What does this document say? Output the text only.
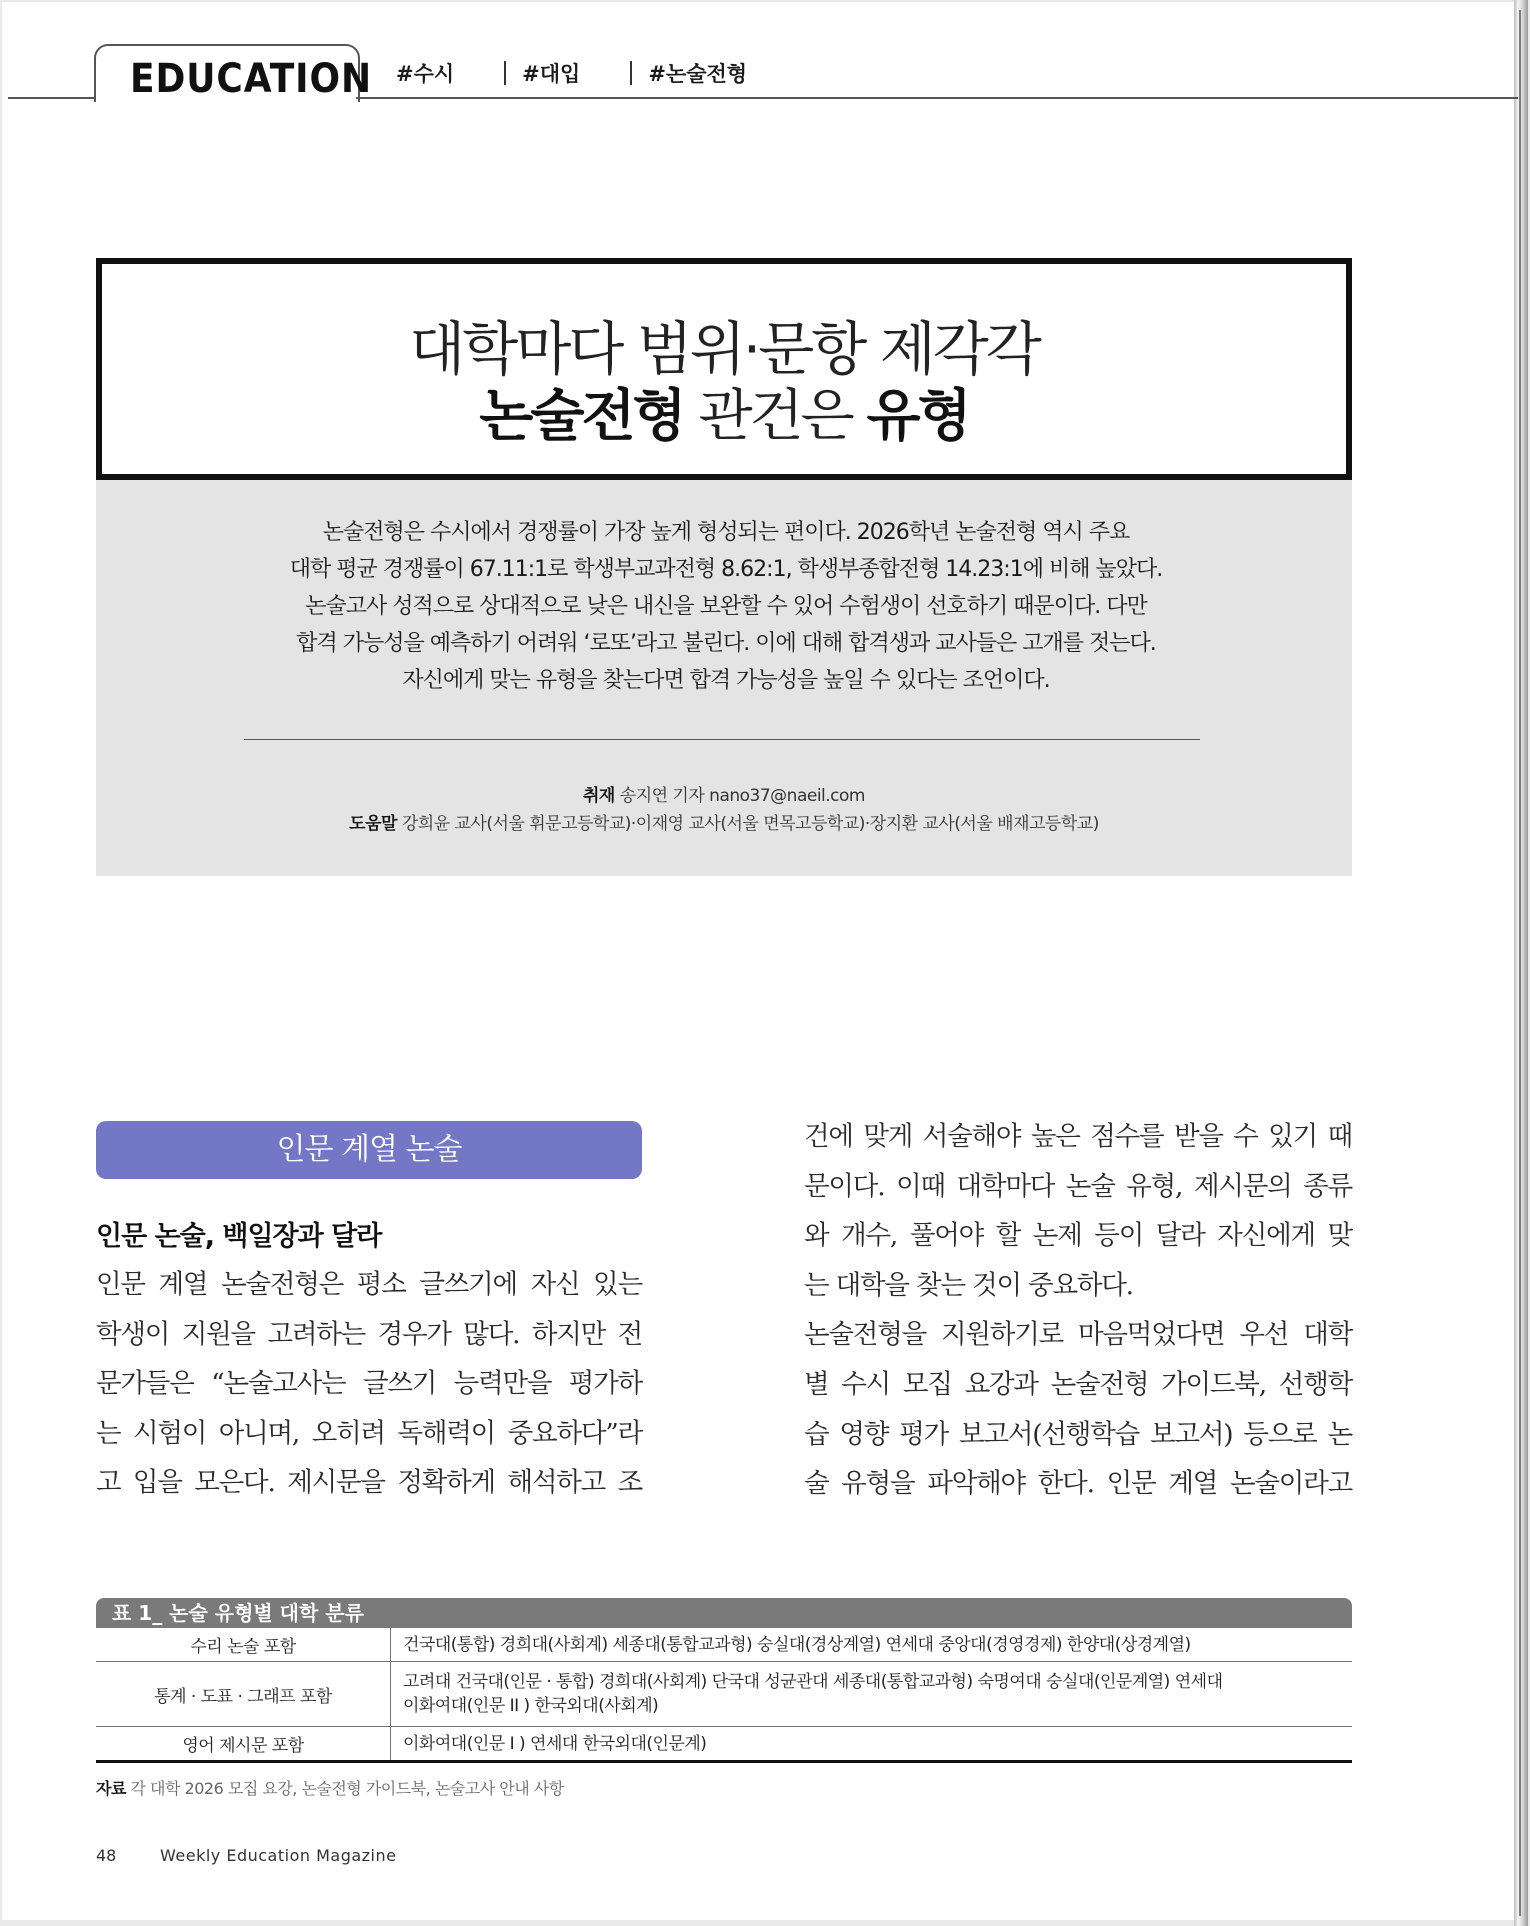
EDUCATION #수시	#대입	#논술전형
대학마다 범위·문항 제각각
논술전형 관건은 유형
논술전형은 수시에서 경쟁률이 가장 높게 형성되는 편이다. 2026학년 논술전형 역시 주요
대학 평균 경쟁률이 67.11:1로 학생부교과전형 8.62:1, 학생부종합전형 14.23:1에 비해 높았다.
논술고사 성적으로 상대적으로 낮은 내신을 보완할 수 있어 수험생이 선호하기 때문이다. 다만
합격 가능성을 예측하기 어려워 ‘로또’라고 불린다. 이에 대해 합격생과 교사들은 고개를 젓는다.
자신에게 맞는 유형을 찾는다면 합격 가능성을 높일 수 있다는 조언이다.
취재 송지연 기자 nano37@naeil.com
도움말 강희윤 교사(서울 휘문고등학교)·이재영 교사(서울 면목고등학교)·장지환 교사(서울 배재고등학교)
인문 계열 논술
인문 논술, 백일장과 달라
인문 계열 논술전형은 평소 글쓰기에 자신 있는
학생이 지원을 고려하는 경우가 많다. 하지만 전
문가들은 “논술고사는 글쓰기 능력만을 평가하
는 시험이 아니며, 오히려 독해력이 중요하다”라
고 입을 모은다. 제시문을 정확하게 해석하고 조
건에 맞게 서술해야 높은 점수를 받을 수 있기 때
문이다. 이때 대학마다 논술 유형, 제시문의 종류
와 개수, 풀어야 할 논제 등이 달라 자신에게 맞
는 대학을 찾는 것이 중요하다.
논술전형을 지원하기로 마음먹었다면 우선 대학
별 수시 모집 요강과 논술전형 가이드북, 선행학
습 영향 평가 보고서(선행학습 보고서) 등으로 논
술 유형을 파악해야 한다. 인문 계열 논술이라고
표 1_ 논술 유형별 대학 분류
수리 논술 포함	건국대(통합) 경희대(사회계) 세종대(통합교과형) 숭실대(경상계열) 연세대 중앙대(경영경제) 한양대(상경계열)

통계 · 도표 · 그래프 포함	고려대 건국대(인문 · 통합) 경희대(사회계) 단국대 성균관대 세종대(통합교과형) 숙명여대 숭실대(인문계열) 연세대
이화여대(인문 II ) 한국외대(사회계)

영어 제시문 포함	이화여대(인문 I ) 연세대 한국외대(인문계)
자료 각 대학 2026 모집 요강, 논술전형 가이드북, 논술고사 안내 사항
48	Weekly Education Magazine
